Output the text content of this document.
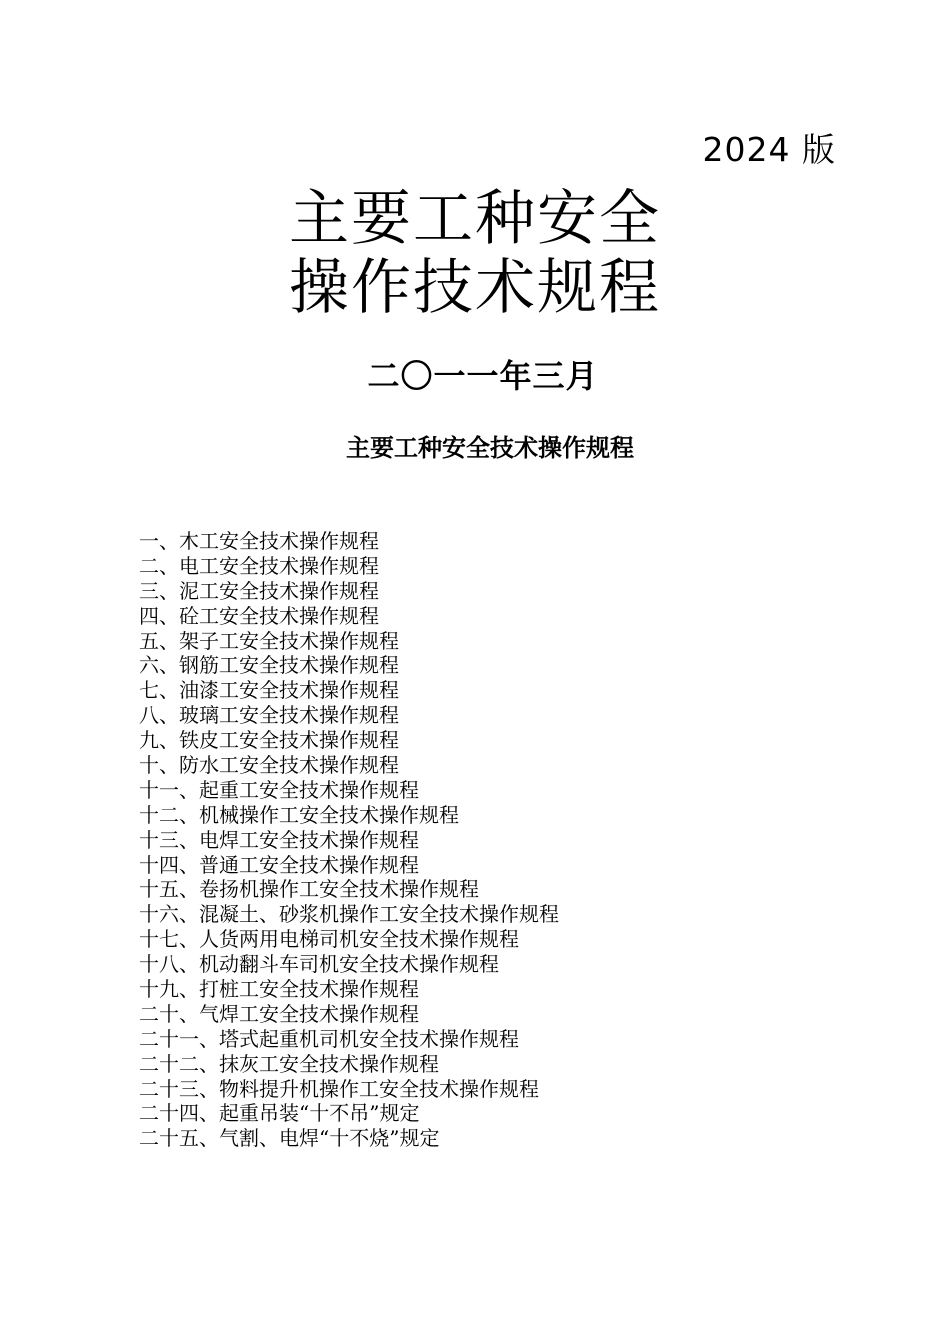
2024 版
主要工种安全
操作技术规程
二〇一一年三月
主要工种安全技术操作规程
一、木工安全技术操作规程
二、电工安全技术操作规程
三、泥工安全技术操作规程
四、砼工安全技术操作规程
五、架子工安全技术操作规程
六、钢筋工安全技术操作规程
七、油漆工安全技术操作规程
八、玻璃工安全技术操作规程
九、铁皮工安全技术操作规程
十、防水工安全技术操作规程
十一、起重工安全技术操作规程
十二、机械操作工安全技术操作规程
十三、电焊工安全技术操作规程
十四、普通工安全技术操作规程
十五、卷扬机操作工安全技术操作规程
十六、混凝土、砂浆机操作工安全技术操作规程
十七、人货两用电梯司机安全技术操作规程
十八、机动翻斗车司机安全技术操作规程
十九、打桩工安全技术操作规程
二十、气焊工安全技术操作规程
二十一、塔式起重机司机安全技术操作规程
二十二、抹灰工安全技术操作规程
二十三、物料提升机操作工安全技术操作规程
二十四、起重吊装“十不吊”规定
二十五、气割、电焊“十不烧”规定
